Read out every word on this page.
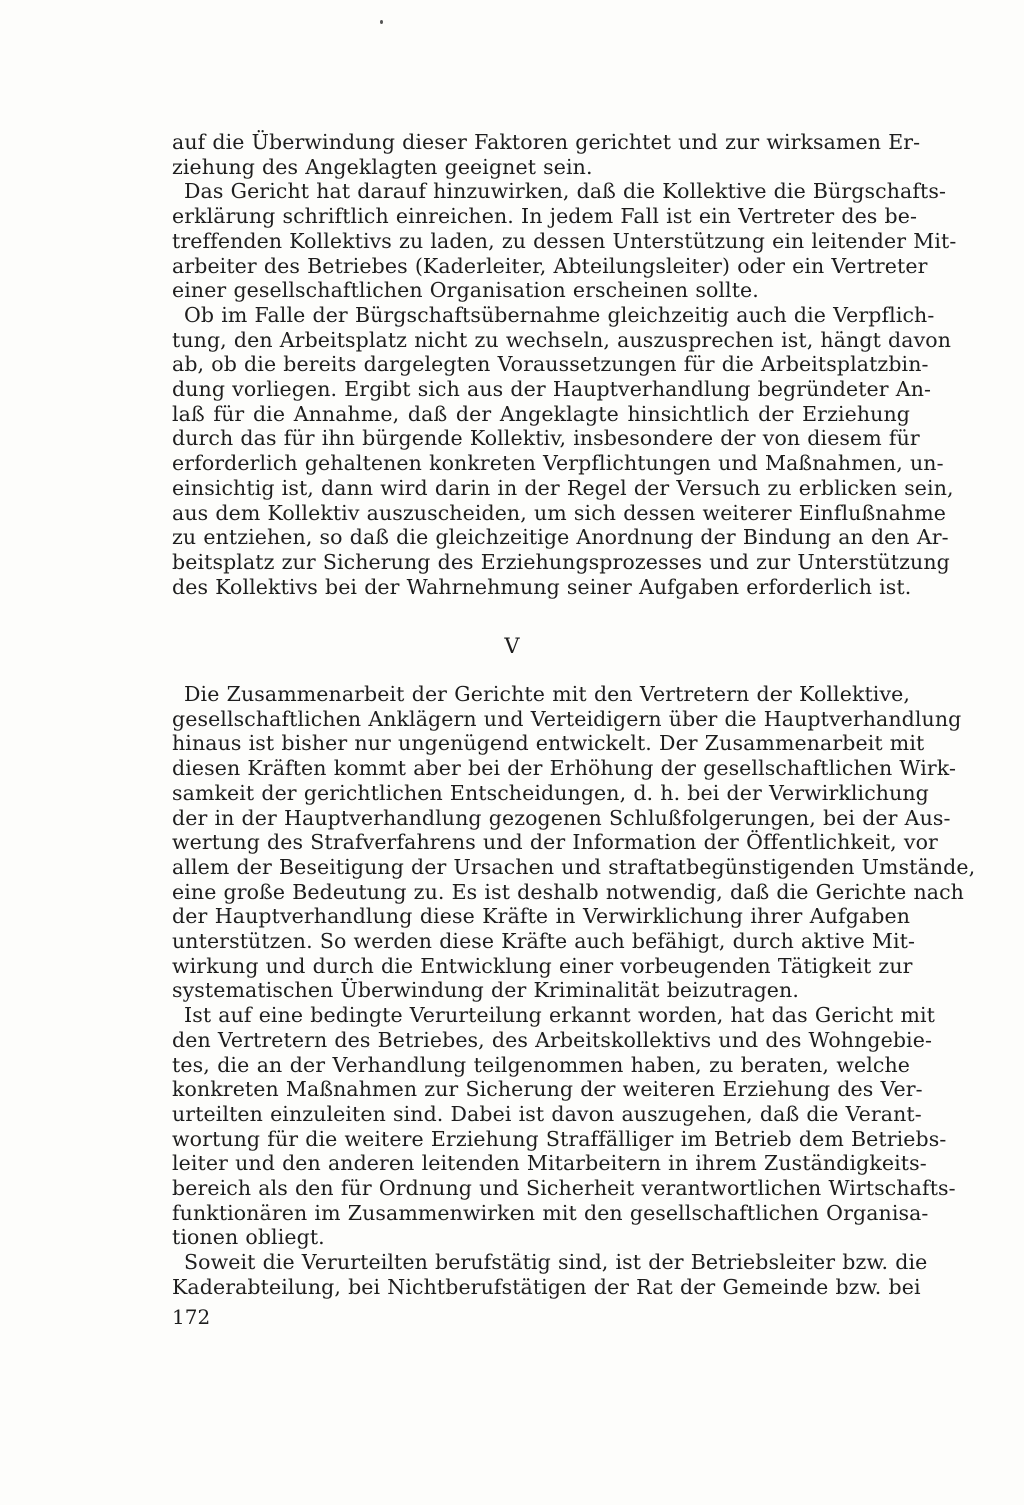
auf die Überwindung dieser Faktoren gerichtet und zur wirksamen Er-
ziehung des Angeklagten geeignet sein.
Das Gericht hat darauf hinzuwirken, daß die Kollektive die Bürgschafts-
erklärung schriftlich einreichen. In jedem Fall ist ein Vertreter des be-
treffenden Kollektivs zu laden, zu dessen Unterstützung ein leitender Mit-
arbeiter des Betriebes (Kaderleiter, Abteilungsleiter) oder ein Vertreter
einer gesellschaftlichen Organisation erscheinen sollte.
Ob im Falle der Bürgschaftsübernahme gleichzeitig auch die Verpflich-
tung, den Arbeitsplatz nicht zu wechseln, auszusprechen ist, hängt davon
ab, ob die bereits dargelegten Voraussetzungen für die Arbeitsplatzbin-
dung vorliegen. Ergibt sich aus der Hauptverhandlung begründeter An-
laß für die Annahme, daß der Angeklagte hinsichtlich der Erziehung
durch das für ihn bürgende Kollektiv, insbesondere der von diesem für
erforderlich gehaltenen konkreten Verpflichtungen und Maßnahmen, un-
einsichtig ist, dann wird darin in der Regel der Versuch zu erblicken sein,
aus dem Kollektiv auszuscheiden, um sich dessen weiterer Einflußnahme
zu entziehen, so daß die gleichzeitige Anordnung der Bindung an den Ar-
beitsplatz zur Sicherung des Erziehungsprozesses und zur Unterstützung
des Kollektivs bei der Wahrnehmung seiner Aufgaben erforderlich ist.
V
Die Zusammenarbeit der Gerichte mit den Vertretern der Kollektive,
gesellschaftlichen Anklägern und Verteidigern über die Hauptverhandlung
hinaus ist bisher nur ungenügend entwickelt. Der Zusammenarbeit mit
diesen Kräften kommt aber bei der Erhöhung der gesellschaftlichen Wirk-
samkeit der gerichtlichen Entscheidungen, d. h. bei der Verwirklichung
der in der Hauptverhandlung gezogenen Schlußfolgerungen, bei der Aus-
wertung des Strafverfahrens und der Information der Öffentlichkeit, vor
allem der Beseitigung der Ursachen und straftatbegünstigenden Umstände,
eine große Bedeutung zu. Es ist deshalb notwendig, daß die Gerichte nach
der Hauptverhandlung diese Kräfte in Verwirklichung ihrer Aufgaben
unterstützen. So werden diese Kräfte auch befähigt, durch aktive Mit-
wirkung und durch die Entwicklung einer vorbeugenden Tätigkeit zur
systematischen Überwindung der Kriminalität beizutragen.
Ist auf eine bedingte Verurteilung erkannt worden, hat das Gericht mit
den Vertretern des Betriebes, des Arbeitskollektivs und des Wohngebie-
tes, die an der Verhandlung teilgenommen haben, zu beraten, welche
konkreten Maßnahmen zur Sicherung der weiteren Erziehung des Ver-
urteilten einzuleiten sind. Dabei ist davon auszugehen, daß die Verant-
wortung für die weitere Erziehung Straffälliger im Betrieb dem Betriebs-
leiter und den anderen leitenden Mitarbeitern in ihrem Zuständigkeits-
bereich als den für Ordnung und Sicherheit verantwortlichen Wirtschafts-
funktionären im Zusammenwirken mit den gesellschaftlichen Organisa-
tionen obliegt.
Soweit die Verurteilten berufstätig sind, ist der Betriebsleiter bzw. die
Kaderabteilung, bei Nichtberufstätigen der Rat der Gemeinde bzw. bei
172
